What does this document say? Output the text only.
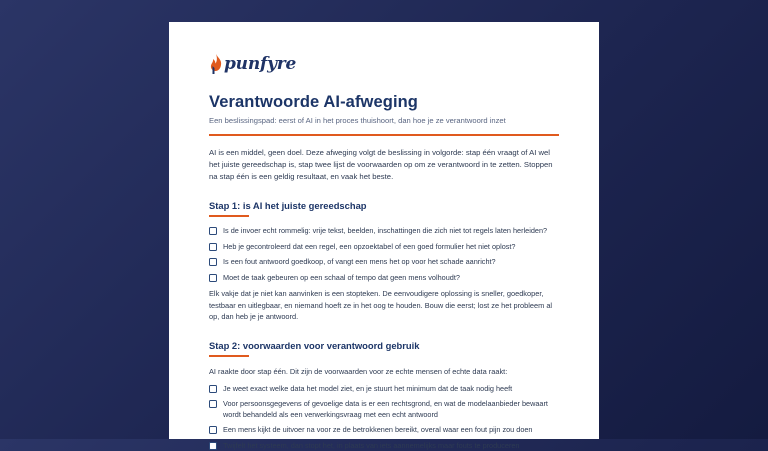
punfyre
Verantwoorde AI-afweging

Een beslissingspad: eerst of AI in het proces thuishoort, dan hoe je ze verantwoord inzet

AI is een middel, geen doel. Deze afweging volgt de beslissing in volgorde: stap één vraagt of AI wel het juiste gereedschap is, stap twee lijst de voorwaarden op om ze verantwoord in te zetten. Stoppen na stap één is een geldig resultaat, en vaak het beste.

Stap 1: is AI het juiste gereedschap
Is de invoer echt rommelig: vrije tekst, beelden, inschattingen die zich niet tot regels laten herleiden?
Heb je gecontroleerd dat een regel, een opzoektabel of een goed formulier het niet oplost?
Is een fout antwoord goedkoop, of vangt een mens het op voor het schade aanricht?
Moet de taak gebeuren op een schaal of tempo dat geen mens volhoudt?

Elk vakje dat je niet kan aanvinken is een stopteken. De eenvoudigere oplossing is sneller, goedkoper, testbaar en uitlegbaar, en niemand hoeft ze in het oog te houden. Bouw die eerst; lost ze het probleem al op, dan heb je je antwoord.

Stap 2: voorwaarden voor verantwoord gebruik

AI raakte door stap één. Dit zijn de voorwaarden voor ze echte mensen of echte data raakt:

Je weet exact welke data het model ziet, en je stuurt het minimum dat de taak nodig heeft
Voor persoonsgegevens of gevoelige data is er een rechtsgrond, en wat de modelaanbieder bewaart wordt behandeld als een verwerkingsvraag met een echt antwoord
Een mens kijkt de uitvoer na voor ze de betrokkenen bereikt, overal waar een fout pijn zou doen
Twijfelt het systeem, dan stopt het, in plaats van iets aannemelijks maar fouts te produceren
